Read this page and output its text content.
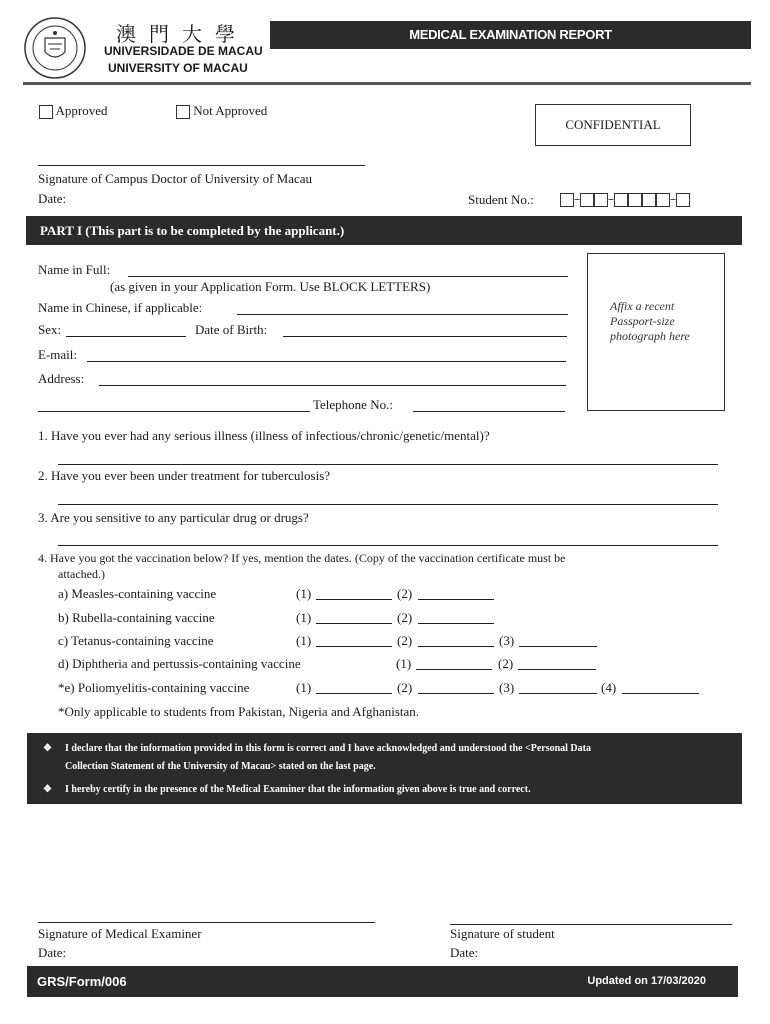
澳 門 大 學
UNIVERSIDADE DE MACAU
UNIVERSITY OF MACAU
MEDICAL EXAMINATION REPORT
Approved	Not Approved
CONFIDENTIAL
Signature of Campus Doctor of University of Macau
Date:	Student No.:	– –	–
PART I (This part is to be completed by the applicant.)
Name in Full:
(as given in your Application Form. Use BLOCK LETTERS)
Name in Chinese, if applicable:
Sex:	Date of Birth:
E-mail:
Address:
Telephone No.:
Affix a recent
Passport-size
photograph here
1. Have you ever had any serious illness (illness of infectious/chronic/genetic/mental)?
2. Have you ever been under treatment for tuberculosis?
3. Are you sensitive to any particular drug or drugs?
4. Have you got the vaccination below? If yes, mention the dates. (Copy of the vaccination certificate must be
attached.)
a) Measles-containing vaccine	(1)	(2)
b) Rubella-containing vaccine	(1)	(2)
c) Tetanus-containing vaccine	(1)	(2)	(3)
d) Diphtheria and pertussis-containing vaccine	(1)	(2)
*e) Poliomyelitis-containing vaccine	(1)	(2)	(3)	(4)
*Only applicable to students from Pakistan, Nigeria and Afghanistan.
❖ I declare that the information provided in this form is correct and I have acknowledged and understood the <Personal Data
Collection Statement of the University of Macau> stated on the last page.
❖ I hereby certify in the presence of the Medical Examiner that the information given above is true and correct.
Signature of Medical Examiner
Date:
Signature of student
Date:
GRS/Form/006	Updated on 17/03/2020
